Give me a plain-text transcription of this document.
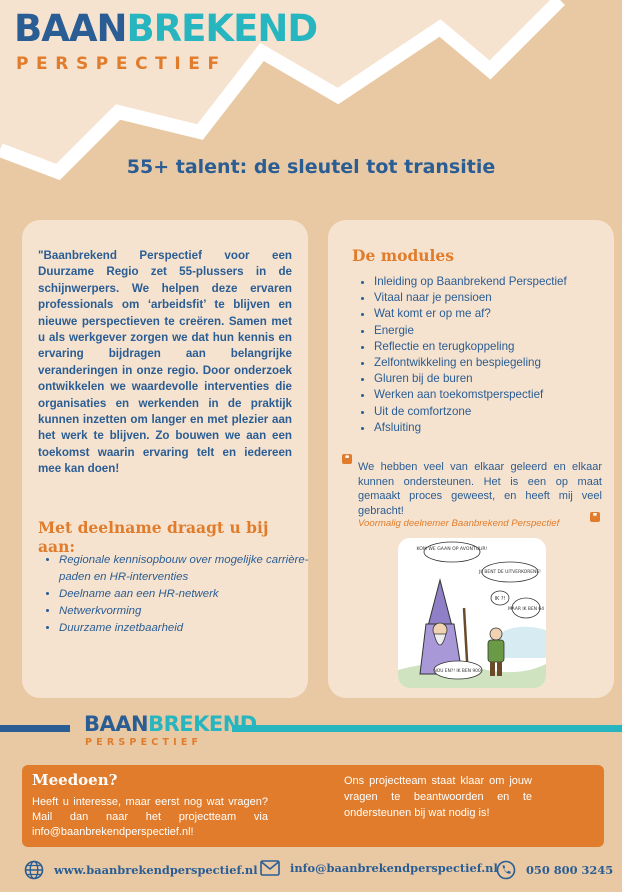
BAANBREKEND
PERSPECTIEF
55+ talent: de sleutel tot transitie
"Baanbrekend Perspectief voor een Duurzame Regio zet 55-plussers in de schijnwerpers. We helpen deze ervaren professionals om ‘arbeidsfit’ te blijven en nieuwe perspectieven te creëren. Samen met u als werkgever zorgen we dat hun kennis en ervaring bijdragen aan belangrijke veranderingen in onze regio. Door onderzoek ontwikkelen we waardevolle interventies die organisaties en werkenden in de praktijk kunnen inzetten om langer en met plezier aan het werk te blijven. Zo bouwen we aan een toekomst waarin ervaring telt en iedereen mee kan doen!
Met deelname draagt u bij aan:
• Regionale kennisopbouw over mogelijke carrière-paden en HR-interventies
• Deelname aan een HR-netwerk
• Netwerkvorming
• Duurzame inzetbaarheid
De modules
• Inleiding op Baanbrekend Perspectief
• Vitaal naar je pensioen
• Wat komt er op me af?
• Energie
• Reflectie en terugkoppeling
• Zelfontwikkeling en bespiegeling
• Gluren bij de buren
• Werken aan toekomstperspectief
• Uit de comfortzone
• Afsluiting
❝
We hebben veel van elkaar geleerd en elkaar kunnen ondersteunen. Het is een op maat gemaakt proces geweest, en heeft mij veel gebracht!
Voormalig deelnemer Baanbrekend Perspectief
❞
KOM WE GAAN OP AVONTUUR!
JIJ BENT DE UITVERKORENE!
IK ?!
MAAR IK BEN 64
NOU EN?! IK BEN 900!
BAANBREKEND
PERSPECTIEF
Meedoen?
Heeft u interesse, maar eerst nog wat vragen? Mail dan naar het projectteam via info@baanbrekendperspectief.nl!
Ons projectteam staat klaar om jouw vragen te beantwoorden en te ondersteunen bij wat nodig is!
www.baanbrekendperspectief.nl	info@baanbrekendperspectief.nl 050 800 3245
